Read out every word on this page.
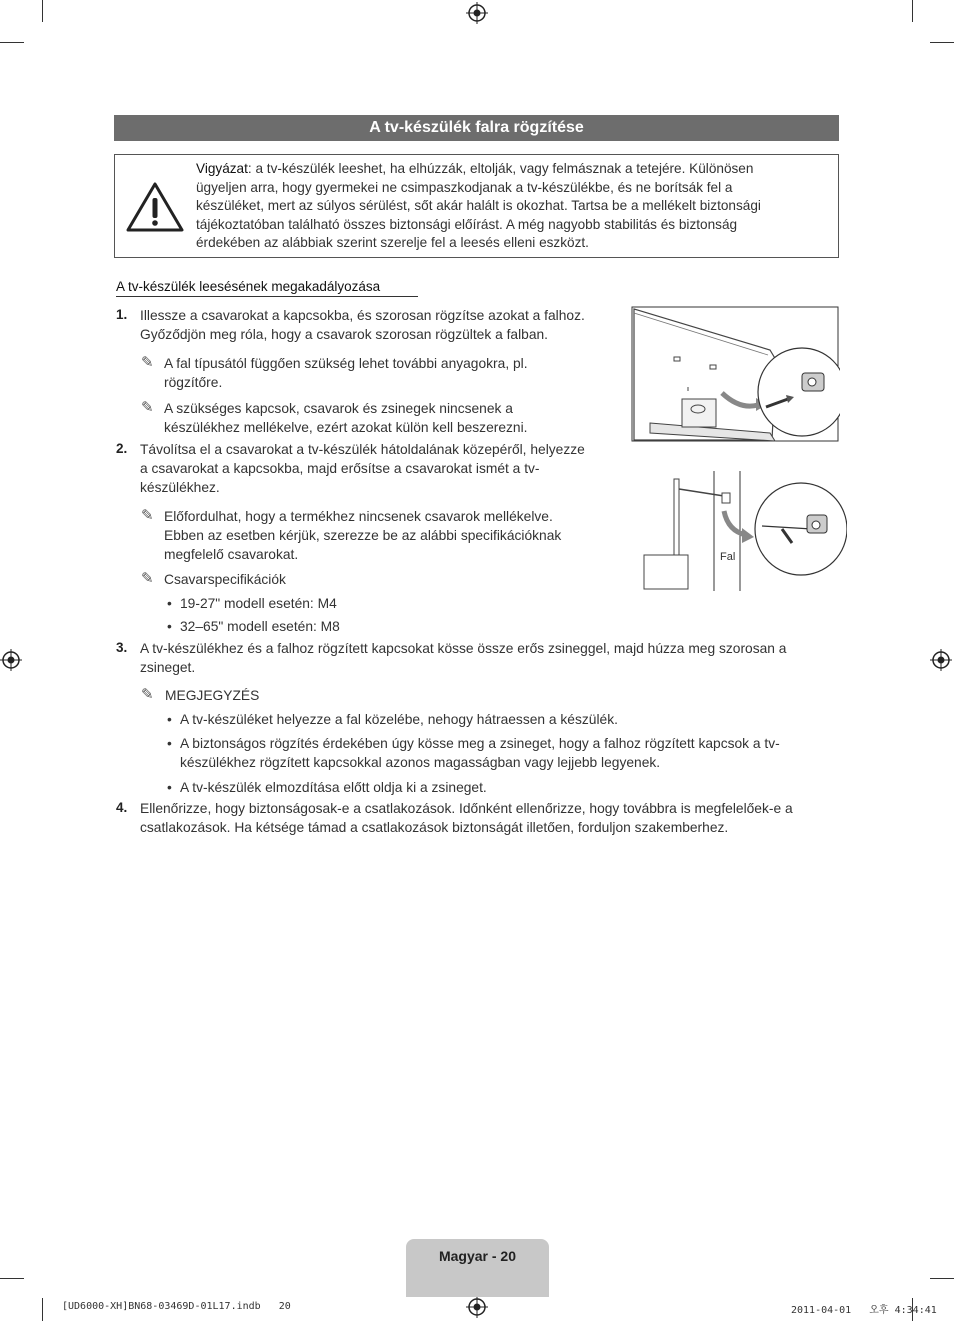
A tv-készülék falra rögzítése
Vigyázat: a tv-készülék leeshet, ha elhúzzák, eltolják, vagy felmásznak a tetejére. Különösen
ügyeljen arra, hogy gyermekei ne csimpaszkodjanak a tv-készülékbe, és ne borítsák fel a
készüléket, mert az súlyos sérülést, sőt akár halált is okozhat. Tartsa be a mellékelt biztonsági
tájékoztatóban található összes biztonsági előírást. A még nagyobb stabilitás és biztonság
érdekében az alábbiak szerint szerelje fel a leesés elleni eszközt.
A tv-készülék leesésének megakadályozása
1. Illessze a csavarokat a kapcsokba, és szorosan rögzítse azokat a falhoz.
Győződjön meg róla, hogy a csavarok szorosan rögzültek a falban.
✎ A fal típusától függően szükség lehet további anyagokra, pl.
rögzítőre.
✎ A szükséges kapcsok, csavarok és zsinegek nincsenek a
készülékhez mellékelve, ezért azokat külön kell beszerezni.
2. Távolítsa el a csavarokat a tv-készülék hátoldalának közepéről, helyezze
a csavarokat a kapcsokba, majd erősítse a csavarokat ismét a tv-
készülékhez.
✎ Előfordulhat, hogy a termékhez nincsenek csavarok mellékelve.
Ebben az esetben kérjük, szerezze be az alábbi specifikációknak
megfelelő csavarokat.
✎ Csavarspecifikációk
• 19-27" modell esetén: M4
• 32–65" modell esetén: M8
3. A tv-készülékhez és a falhoz rögzített kapcsokat kösse össze erős zsineggel, majd húzza meg szorosan a
zsineget.
✎ MEGJEGYZÉS
• A tv-készüléket helyezze a fal közelébe, nehogy hátraessen a készülék.
• A biztonságos rögzítés érdekében úgy kösse meg a zsineget, hogy a falhoz rögzített kapcsok a tv-
készülékhez rögzített kapcsokkal azonos magasságban vagy lejjebb legyenek.
• A tv-készülék elmozdítása előtt oldja ki a zsineget.
4. Ellenőrizze, hogy biztonságosak-e a csatlakozások. Időnként ellenőrizze, hogy továbbra is megfelelőek-e a
csatlakozások. Ha kétsége támad a csatlakozások biztonságát illetően, forduljon szakemberhez.
Fal
Magyar - 20
[UD6000-XH]BN68-03469D-01L17.indb   20	2011-04-01   오후 4:34:41
